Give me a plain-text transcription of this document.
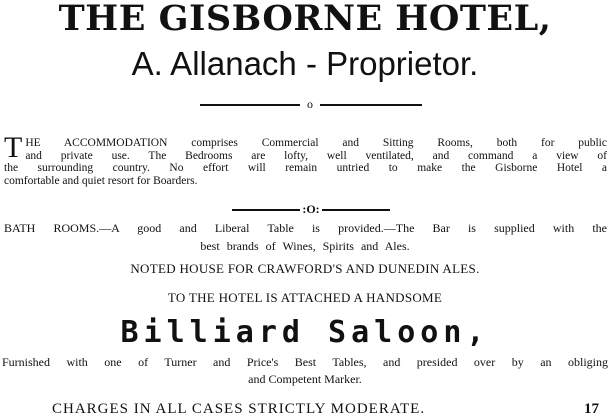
THE GISBORNE HOTEL,
A. Allanach - Proprietor.
o
T HE ACCOMMODATION comprises Commercial and Sitting Rooms, both for public
and private use. The Bedrooms are lofty, well ventilated, and command a view of
the surrounding country. No effort will remain untried to make the Gisborne Hotel a
comfortable and quiet resort for Boarders.
:O:
BATH ROOMS.—A good and Liberal Table is provided.—The Bar is supplied with the
best brands of Wines, Spirits and Ales.
NOTED HOUSE FOR CRAWFORD'S AND DUNEDIN ALES.
TO THE HOTEL IS ATTACHED A HANDSOME
Billiard Saloon,
Furnished with one of Turner and Price's Best Tables, and presided over by an obliging
and Competent Marker.
CHARGES IN ALL CASES STRICTLY MODERATE.	17
